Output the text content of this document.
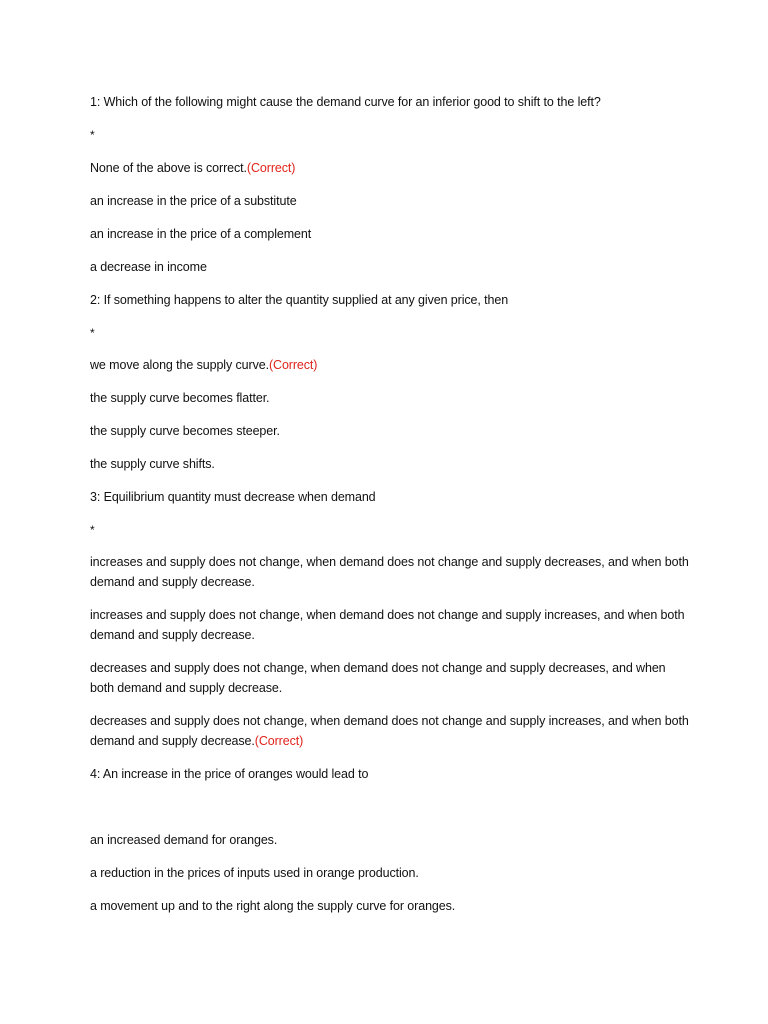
1: Which of the following might cause the demand curve for an inferior good to shift to the left?
*
None of the above is correct.(Correct)
an increase in the price of a substitute
an increase in the price of a complement
a decrease in income
2: If something happens to alter the quantity supplied at any given price, then
*
we move along the supply curve.(Correct)
the supply curve becomes flatter.
the supply curve becomes steeper.
the supply curve shifts.
3: Equilibrium quantity must decrease when demand
*
increases and supply does not change, when demand does not change and supply decreases, and when both demand and supply decrease.
increases and supply does not change, when demand does not change and supply increases, and when both demand and supply decrease.
decreases and supply does not change, when demand does not change and supply decreases, and when both demand and supply decrease.
decreases and supply does not change, when demand does not change and supply increases, and when both demand and supply decrease.(Correct)
4: An increase in the price of oranges would lead to
an increased demand for oranges.
a reduction in the prices of inputs used in orange production.
a movement up and to the right along the supply curve for oranges.
